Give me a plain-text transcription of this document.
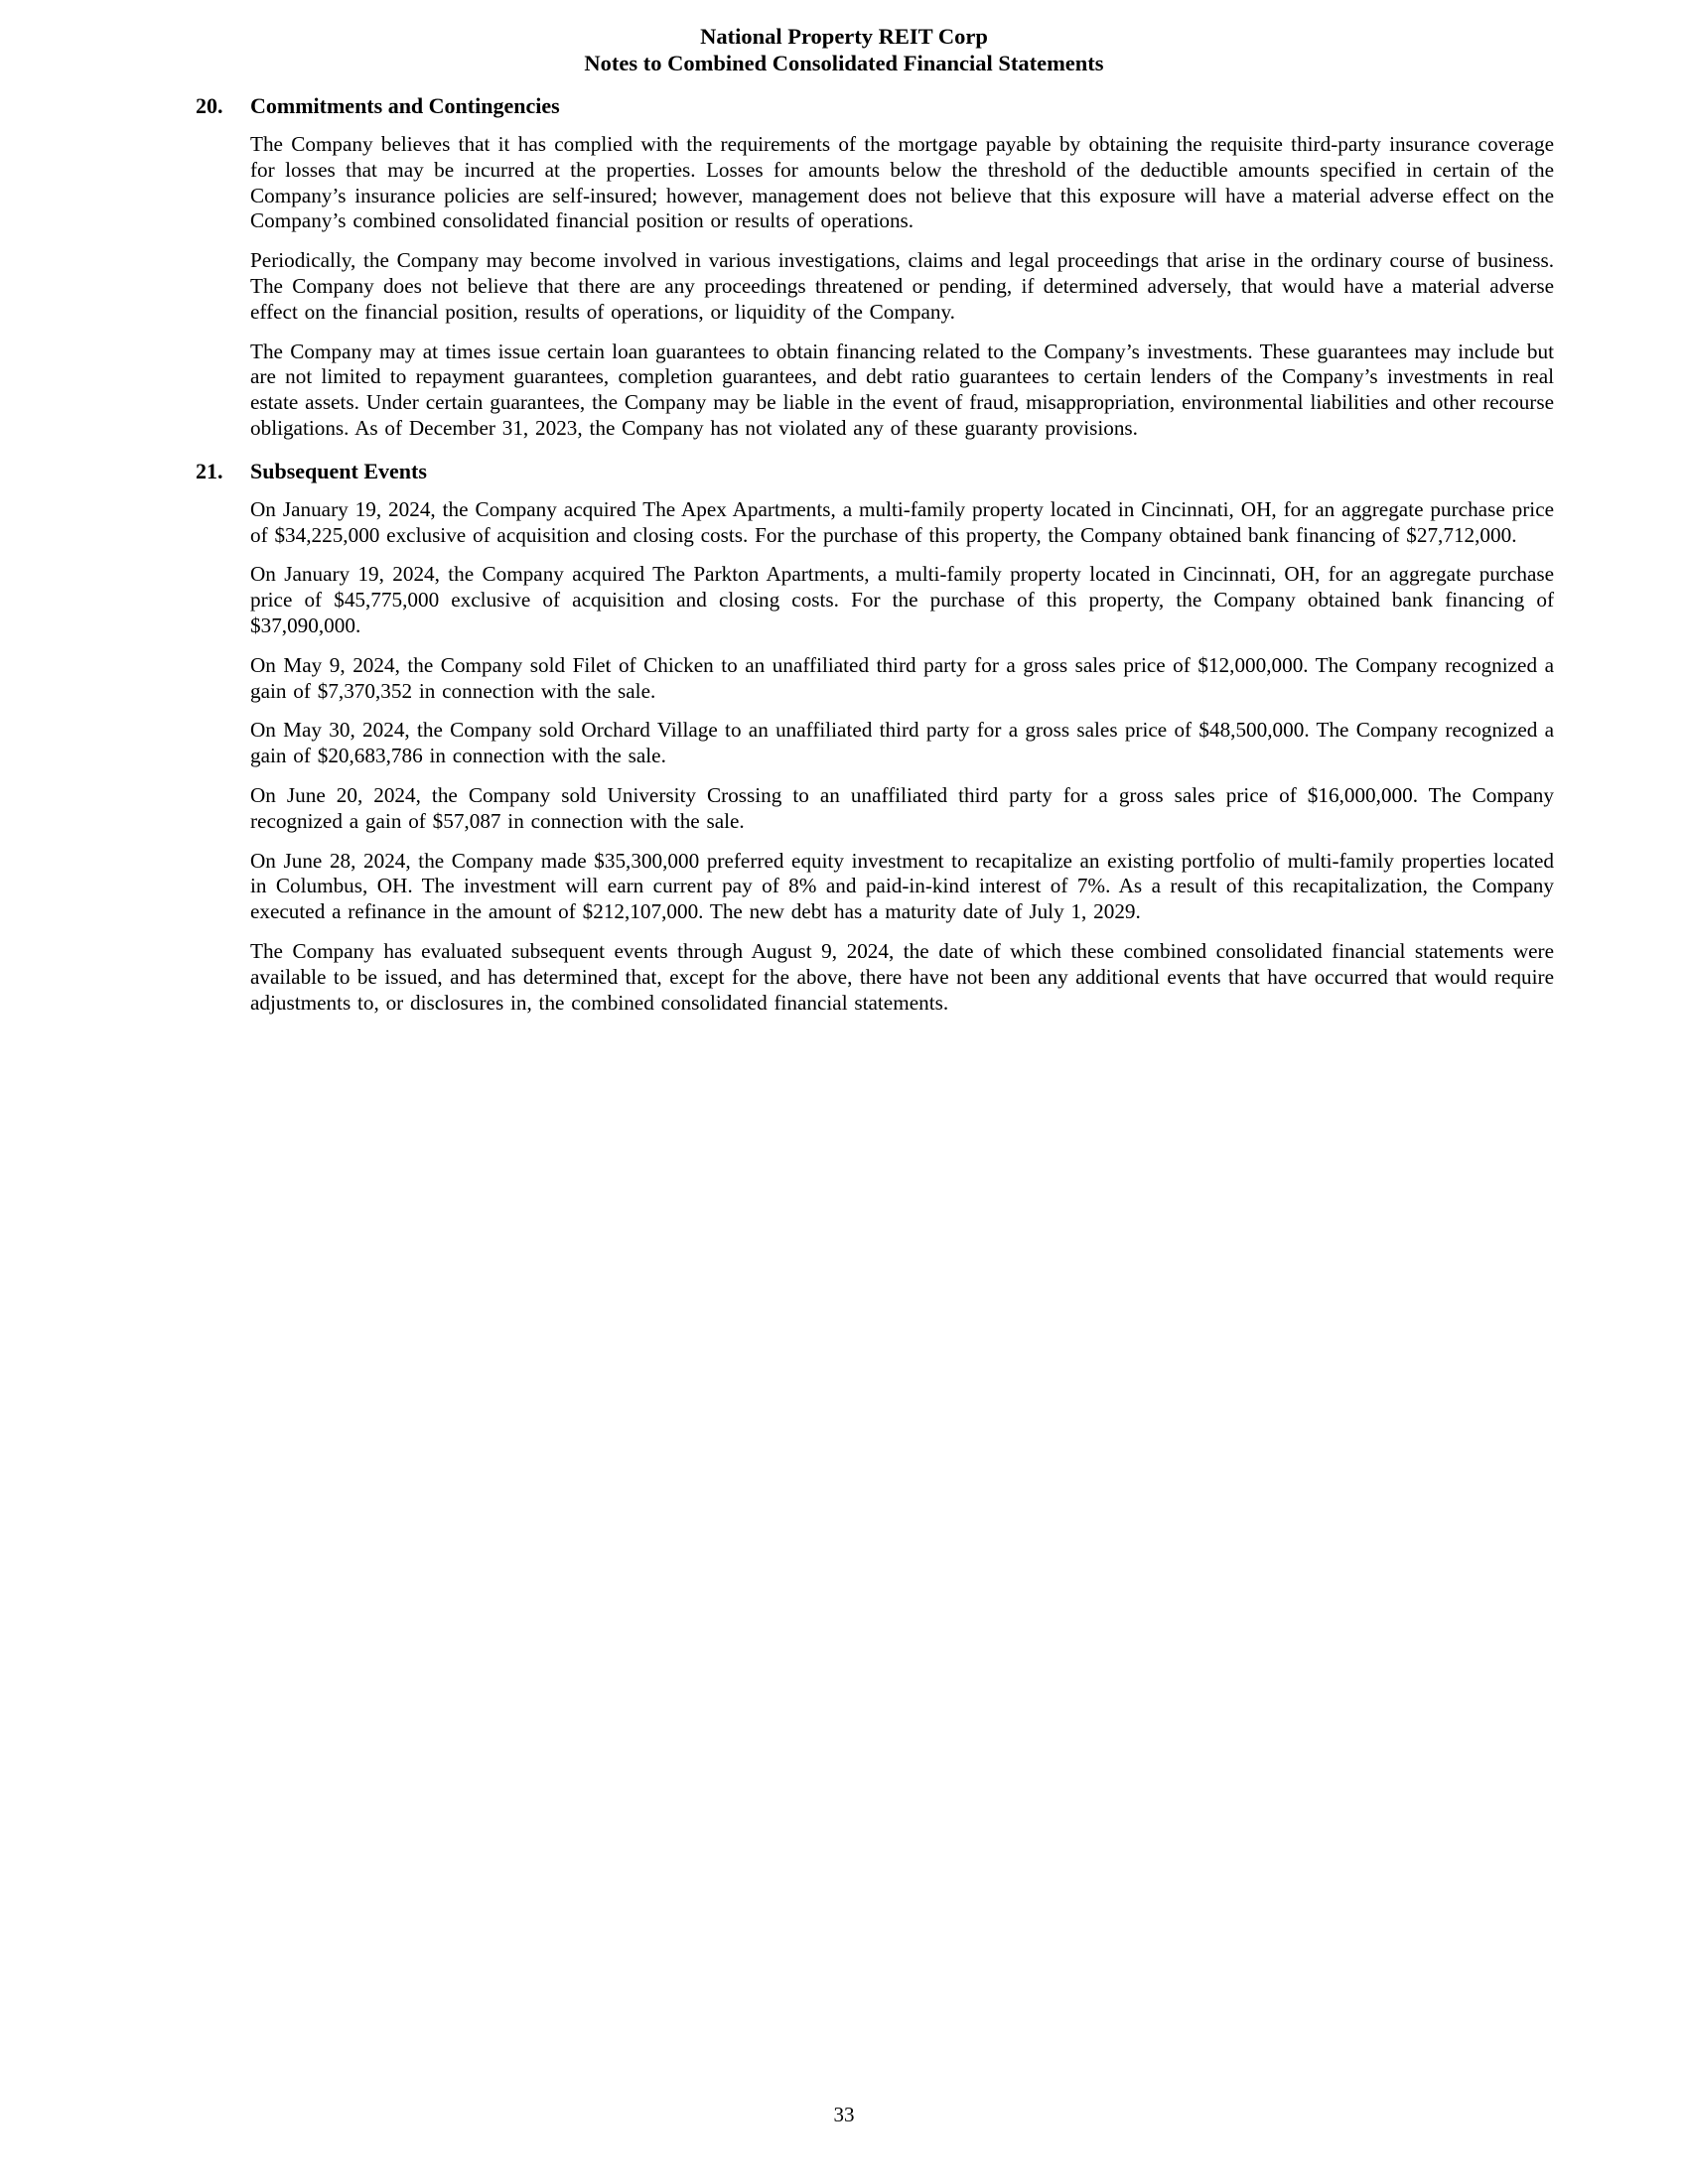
National Property REIT Corp
Notes to Combined Consolidated Financial Statements
20. Commitments and Contingencies

The Company believes that it has complied with the requirements of the mortgage payable by obtaining the requisite third-party insurance coverage for losses that may be incurred at the properties. Losses for amounts below the threshold of the deductible amounts specified in certain of the Company’s insurance policies are self-insured; however, management does not believe that this exposure will have a material adverse effect on the Company’s combined consolidated financial position or results of operations.

Periodically, the Company may become involved in various investigations, claims and legal proceedings that arise in the ordinary course of business. The Company does not believe that there are any proceedings threatened or pending, if determined adversely, that would have a material adverse effect on the financial position, results of operations, or liquidity of the Company.

The Company may at times issue certain loan guarantees to obtain financing related to the Company’s investments. These guarantees may include but are not limited to repayment guarantees, completion guarantees, and debt ratio guarantees to certain lenders of the Company’s investments in real estate assets. Under certain guarantees, the Company may be liable in the event of fraud, misappropriation, environmental liabilities and other recourse obligations. As of December 31, 2023, the Company has not violated any of these guaranty provisions.

21. Subsequent Events

On January 19, 2024, the Company acquired The Apex Apartments, a multi-family property located in Cincinnati, OH, for an aggregate purchase price of $34,225,000 exclusive of acquisition and closing costs. For the purchase of this property, the Company obtained bank financing of $27,712,000.

On January 19, 2024, the Company acquired The Parkton Apartments, a multi-family property located in Cincinnati, OH, for an aggregate purchase price of $45,775,000 exclusive of acquisition and closing costs. For the purchase of this property, the Company obtained bank financing of $37,090,000.

On May 9, 2024, the Company sold Filet of Chicken to an unaffiliated third party for a gross sales price of $12,000,000. The Company recognized a gain of $7,370,352 in connection with the sale.

On May 30, 2024, the Company sold Orchard Village to an unaffiliated third party for a gross sales price of $48,500,000. The Company recognized a gain of $20,683,786 in connection with the sale.

On June 20, 2024, the Company sold University Crossing to an unaffiliated third party for a gross sales price of $16,000,000. The Company recognized a gain of $57,087 in connection with the sale.

On June 28, 2024, the Company made $35,300,000 preferred equity investment to recapitalize an existing portfolio of multi-family properties located in Columbus, OH. The investment will earn current pay of 8% and paid-in-kind interest of 7%. As a result of this recapitalization, the Company executed a refinance in the amount of $212,107,000. The new debt has a maturity date of July 1, 2029.

The Company has evaluated subsequent events through August 9, 2024, the date of which these combined consolidated financial statements were available to be issued, and has determined that, except for the above, there have not been any additional events that have occurred that would require adjustments to, or disclosures in, the combined consolidated financial statements.

33
